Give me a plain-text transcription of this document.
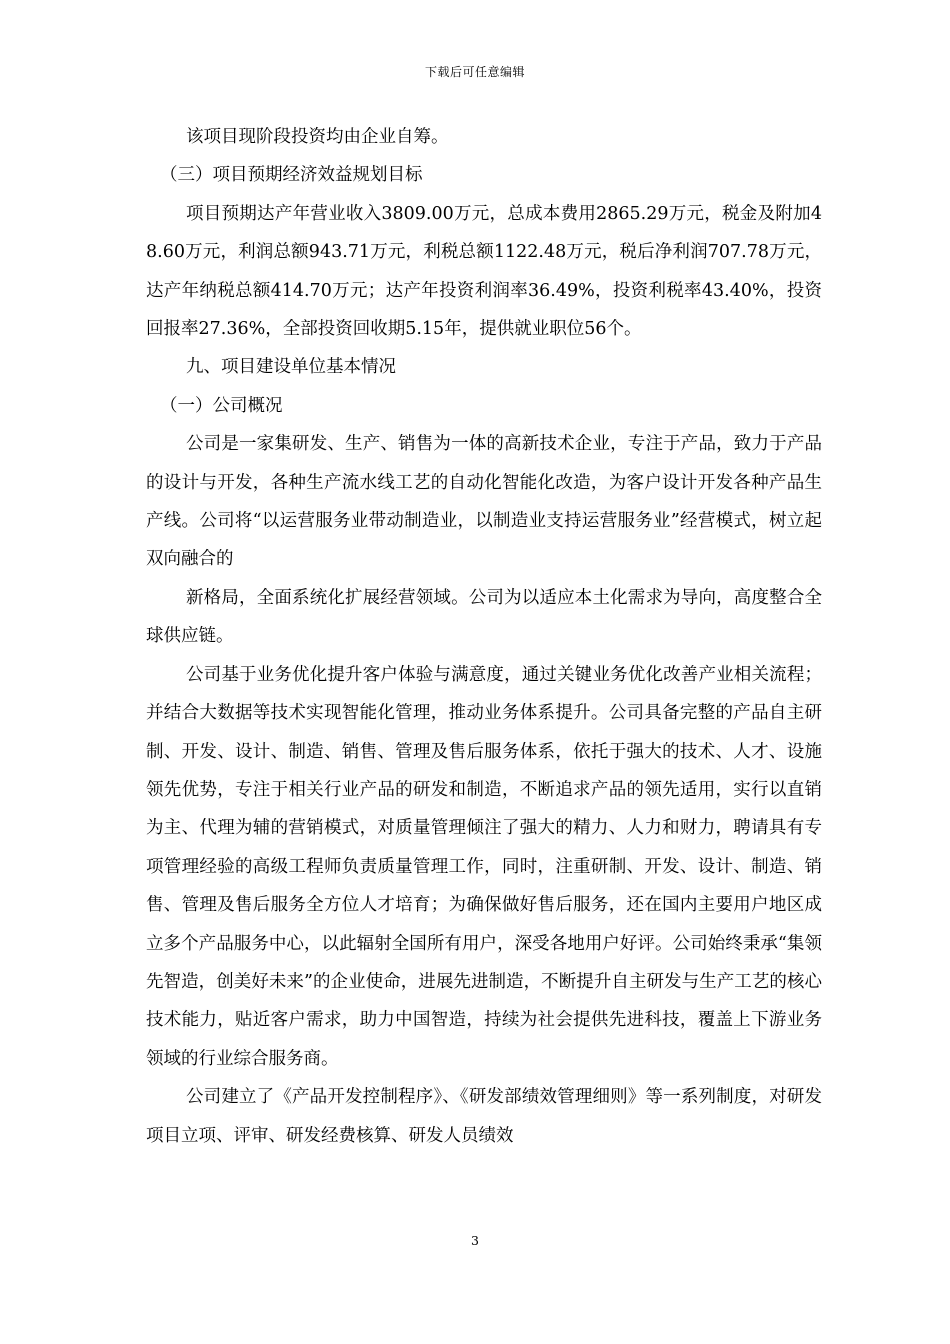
下载后可任意编辑

该项目现阶段投资均由企业自筹。

（三）项目预期经济效益规划目标

项目预期达产年营业收入3809.00万元，总成本费用2865.29万元，税金及附加48.60万元，利润总额943.71万元，利税总额1122.48万元，税后净利润707.78万元，达产年纳税总额414.70万元；达产年投资利润率36.49%，投资利税率43.40%，投资回报率27.36%，全部投资回收期5.15年，提供就业职位56个。

九、项目建设单位基本情况

（一）公司概况

公司是一家集研发、生产、销售为一体的高新技术企业，专注于产品，致力于产品的设计与开发，各种生产流水线工艺的自动化智能化改造，为客户设计开发各种产品生产线。公司将“以运营服务业带动制造业，以制造业支持运营服务业”经营模式，树立起双向融合的

新格局，全面系统化扩展经营领域。公司为以适应本土化需求为导向，高度整合全球供应链。

公司基于业务优化提升客户体验与满意度，通过关键业务优化改善产业相关流程；并结合大数据等技术实现智能化管理，推动业务体系提升。公司具备完整的产品自主研制、开发、设计、制造、销售、管理及售后服务体系，依托于强大的技术、人才、设施领先优势，专注于相关行业产品的研发和制造，不断追求产品的领先适用，实行以直销为主、代理为辅的营销模式，对质量管理倾注了强大的精力、人力和财力，聘请具有专项管理经验的高级工程师负责质量管理工作，同时，注重研制、开发、设计、制造、销售、管理及售后服务全方位人才培育；为确保做好售后服务，还在国内主要用户地区成立多个产品服务中心，以此辐射全国所有用户，深受各地用户好评。公司始终秉承“集领先智造，创美好未来”的企业使命，进展先进制造，不断提升自主研发与生产工艺的核心技术能力，贴近客户需求，助力中国智造，持续为社会提供先进科技，覆盖上下游业务领域的行业综合服务商。

公司建立了《产品开发控制程序》、《研发部绩效管理细则》等一系列制度，对研发项目立项、评审、研发经费核算、研发人员绩效

3
